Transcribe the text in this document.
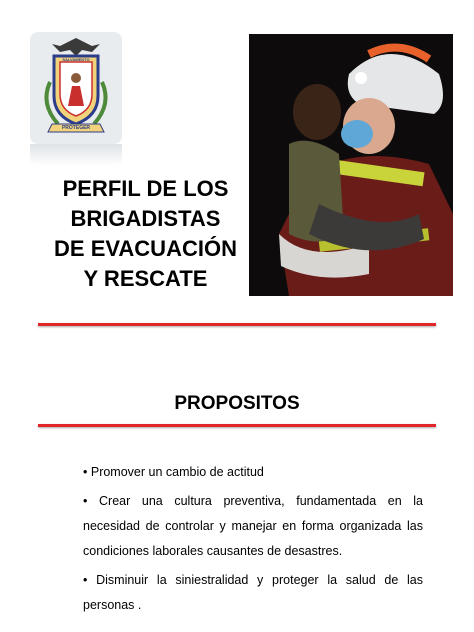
SALVAMENTO
PROTEGER
PERFIL DE LOS
BRIGADISTAS
DE EVACUACIÓN
Y RESCATE
PROPOSITOS
• Promover un cambio de actitud
• Crear una cultura preventiva, fundamentada en la necesidad de controlar y manejar en forma organizada las condiciones laborales causantes de desastres.
• Disminuir la siniestralidad y proteger la salud de las personas .
